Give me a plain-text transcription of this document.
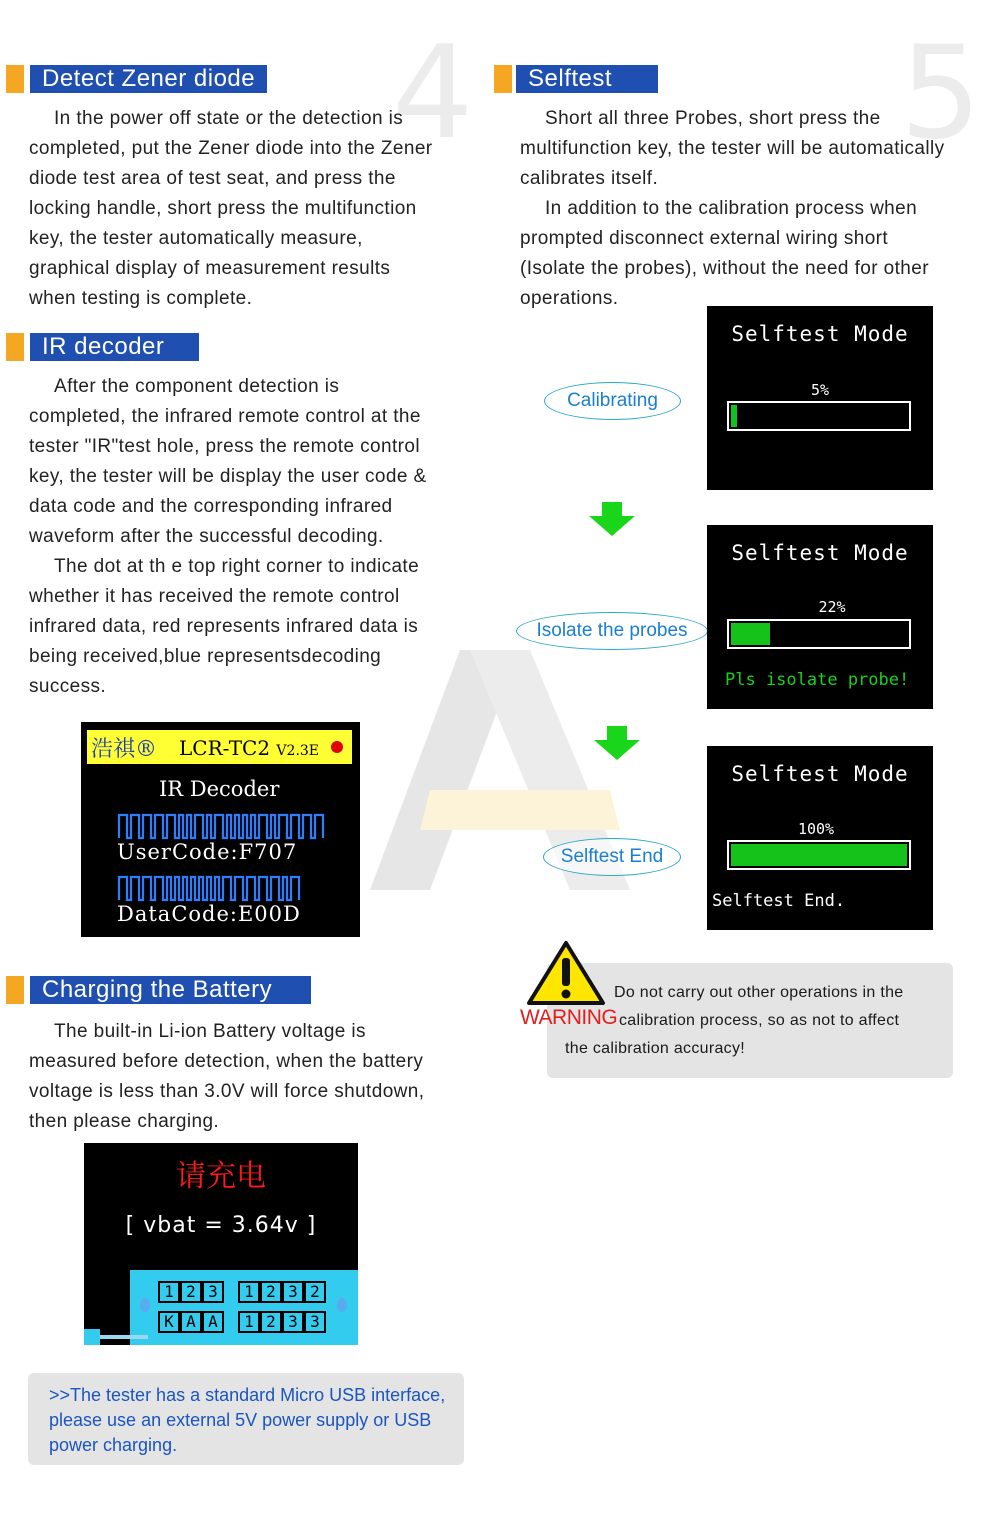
4	5
Detect Zener diode
In the power off state or the detection is
completed, put the Zener diode into the Zener
diode test area of test seat, and press the
locking handle, short press the multifunction
key, the tester automatically measure,
graphical display of measurement results
when testing is complete.
IR decoder
After the component detection is
completed, the infrared remote control at the
tester "IR"test hole, press the remote control
key, the tester will be display the user code &
data code and the corresponding infrared
waveform after the successful decoding.
The dot at th e top right corner to indicate
whether it has received the remote control
infrared data, red represents infrared data is
being received,blue representsdecoding
success.
浩祺® LCR-TC2 V2.3E
IR Decoder
UserCode:F707
DataCode:E00D
Charging the Battery
The built-in Li-ion Battery voltage is
measured before detection, when the battery
voltage is less than 3.0V will force shutdown,
then please charging.
请充电
[ vbat = 3.64v ]
1 2 3	1 2 3 2
K A A	1 2 3 3
>>The tester has a standard Micro USB interface, please use an external 5V power supply or USB power charging.
Selftest
Short all three Probes, short press the
multifunction key, the tester will be automatically
calibrates itself.
In addition to the calibration process when
prompted disconnect external wiring short
(Isolate the probes), without the need for other
operations.
Calibrating
Selftest Mode
5%
Isolate the probes
Selftest Mode
22%
Pls isolate probe!
Selftest End
Selftest Mode
100%
Selftest End.
Do not carry out other operations in the
calibration process, so as not to affect
the calibration accuracy!
WARNING
